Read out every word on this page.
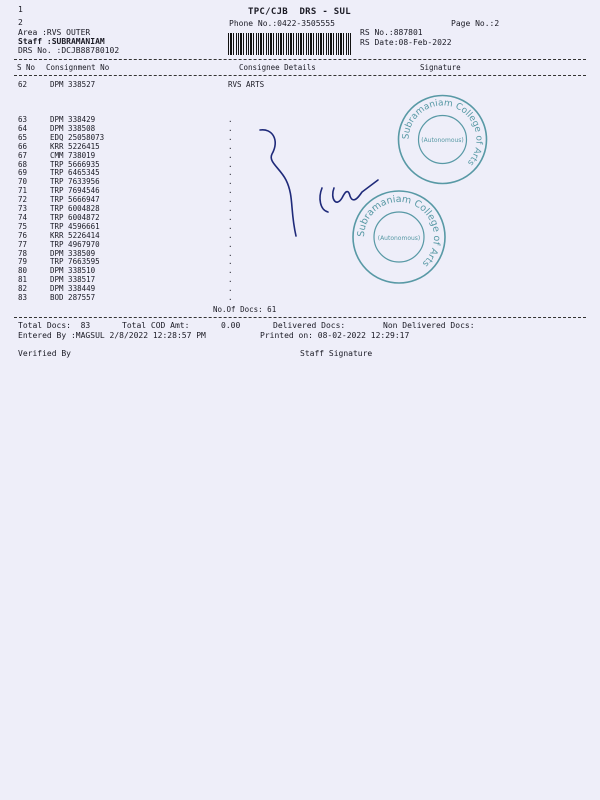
1
2
TPC/CJB  DRS - SUL
Phone No.:0422-3505555	Page No.:2
Area :RVS OUTER
Staff :SUBRAMANIAM
DRS No. :DCJB88780102
RS No.:887801
RS Date:08-Feb-2022
S No Consignment No	Consignee Details	Signature
62	DPM 338527	RVS ARTS
63	DPM 338429	.
64	DPM 338508	.
65	EDQ 25058073	.
66	KRR 5226415	.
67	CMM 738019	.
68	TRP 5666935	.
69	TRP 6465345	.
70	TRP 7633956	.
71	TRP 7694546	.
72	TRP 5666947	.
73	TRP 6004828	.
74	TRP 6004872	.
75	TRP 4596661	.
76	KRR 5226414	.
77	TRP 4967970	.
78	DPM 338509	.
79	TRP 7663595	.
80	DPM 338510	.
81	DPM 338517	.
82	DPM 338449	.
83	BOD 287557	.
No.Of Docs: 61
Total Docs:  83	Total COD Amt:	0.00	Delivered Docs:	Non Delivered Docs:
Entered By :MAGSUL 2/8/2022 12:28:57 PM	Printed on: 08-02-2022 12:29:17
Verified By	Staff Signature
Subramaniam College of Arts
(Autonomous)
Subramaniam College of Arts
(Autonomous)
